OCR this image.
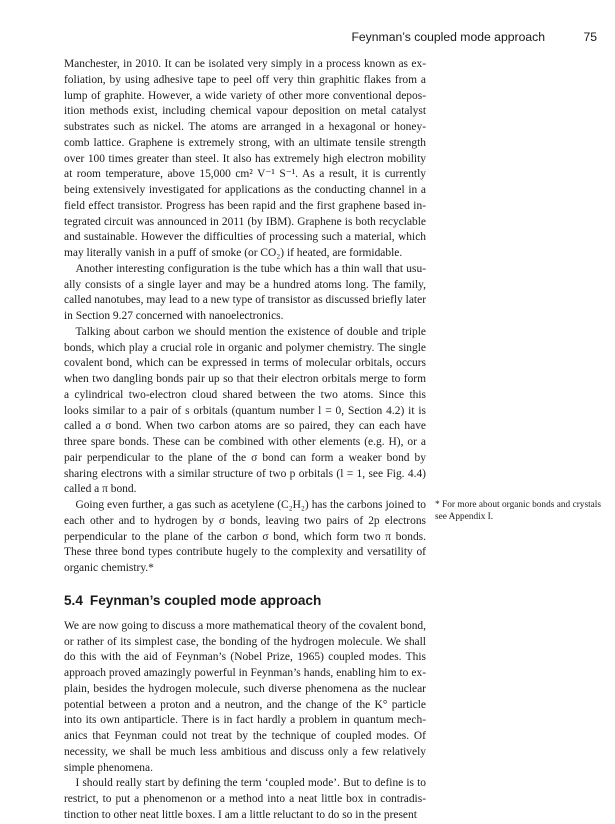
Feynman’s coupled mode approach	75

Manchester, in 2010. It can be isolated very simply in a process known as exfoliation, by using adhesive tape to peel off very thin graphitic flakes from a lump of graphite. However, a wide variety of other more conventional deposition methods exist, including chemical vapour deposition on metal catalyst substrates such as nickel. The atoms are arranged in a hexagonal or honeycomb lattice. Graphene is extremely strong, with an ultimate tensile strength over 100 times greater than steel. It also has extremely high electron mobility at room temperature, above 15,000 cm² V⁻¹ S⁻¹. As a result, it is currently being extensively investigated for applications as the conducting channel in a field effect transistor. Progress has been rapid and the first graphene based integrated circuit was announced in 2011 (by IBM). Graphene is both recyclable and sustainable. However the difficulties of processing such a material, which may literally vanish in a puff of smoke (or CO₂) if heated, are formidable.

Another interesting configuration is the tube which has a thin wall that usually consists of a single layer and may be a hundred atoms long. The family, called nanotubes, may lead to a new type of transistor as discussed briefly later in Section 9.27 concerned with nanoelectronics.

Talking about carbon we should mention the existence of double and triple bonds, which play a crucial role in organic and polymer chemistry. The single covalent bond, which can be expressed in terms of molecular orbitals, occurs when two dangling bonds pair up so that their electron orbitals merge to form a cylindrical two-electron cloud shared between the two atoms. Since this looks similar to a pair of s orbitals (quantum number l = 0, Section 4.2) it is called a σ bond. When two carbon atoms are so paired, they can each have three spare bonds. These can be combined with other elements (e.g. H), or a pair perpendicular to the plane of the σ bond can form a weaker bond by sharing electrons with a similar structure of two p orbitals (l = 1, see Fig. 4.4) called a π bond.

Going even further, a gas such as acetylene (C₂H₂) has the carbons joined to each other and to hydrogen by σ bonds, leaving two pairs of 2p electrons perpendicular to the plane of the carbon σ bond, which form two π bonds. These three bond types contribute hugely to the complexity and versatility of organic chemistry.*

5.4 Feynman’s coupled mode approach

We are now going to discuss a more mathematical theory of the covalent bond, or rather of its simplest case, the bonding of the hydrogen molecule. We shall do this with the aid of Feynman’s (Nobel Prize, 1965) coupled modes. This approach proved amazingly powerful in Feynman’s hands, enabling him to explain, besides the hydrogen molecule, such diverse phenomena as the nuclear potential between a proton and a neutron, and the change of the K° particle into its own antiparticle. There is in fact hardly a problem in quantum mechanics that Feynman could not treat by the technique of coupled modes. Of necessity, we shall be much less ambitious and discuss only a few relatively simple phenomena.

I should really start by defining the term ‘coupled mode’. But to define is to restrict, to put a phenomenon or a method into a neat little box in contradistinction to other neat little boxes. I am a little reluctant to do so in the present

* For more about organic bonds and crystals see Appendix I.
